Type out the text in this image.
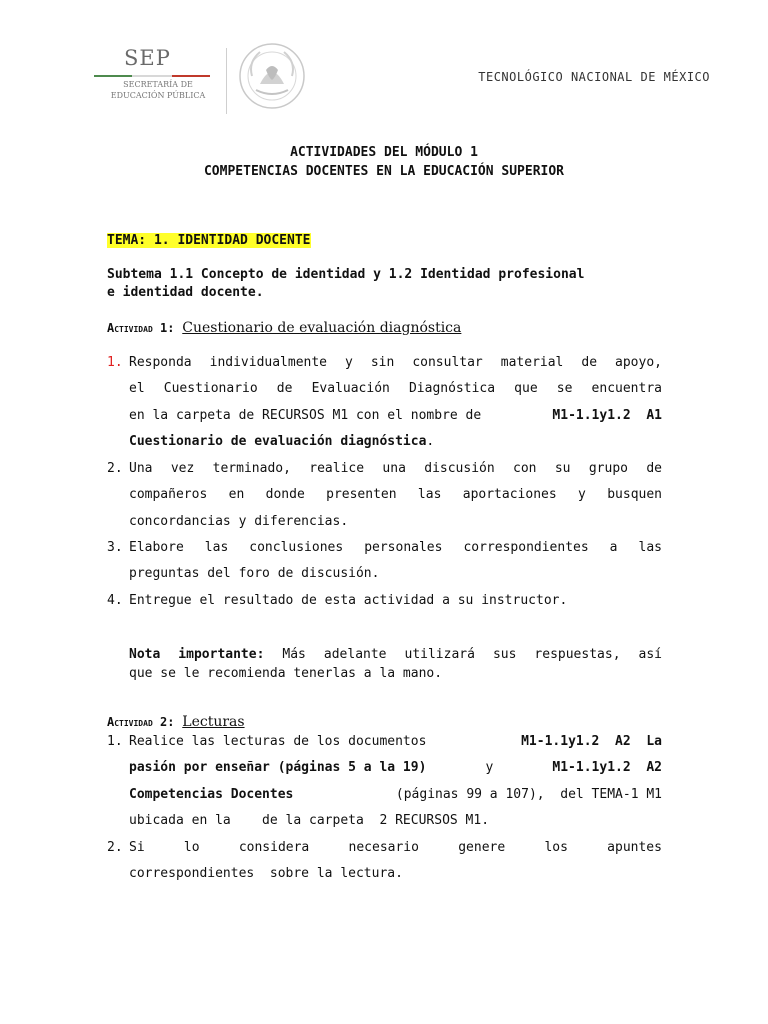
SEP
SECRETARÍA DE
EDUCACIÓN PÚBLICA
TECNOLÓGICO NACIONAL DE MÉXICO
ACTIVIDADES DEL MÓDULO 1
COMPETENCIAS DOCENTES EN LA EDUCACIÓN SUPERIOR
TEMA: 1. IDENTIDAD DOCENTE
Subtema 1.1 Concepto de identidad y 1.2 Identidad profesional
e identidad docente.
Actividad 1: Cuestionario de evaluación diagnóstica
1. Responda individualmente y sin consultar material de apoyo,
el Cuestionario de Evaluación Diagnóstica que se encuentra
en la carpeta de RECURSOS M1 con el nombre de	M1-1.1y1.2  A1
Cuestionario de evaluación diagnóstica.
2. Una vez terminado, realice una discusión con su grupo de
compañeros en donde presenten las aportaciones y busquen
concordancias y diferencias.
3. Elabore las conclusiones personales correspondientes a las
preguntas del foro de discusión.
4. Entregue el resultado de esta actividad a su instructor.
Nota importante: Más adelante utilizará sus respuestas, así
que se le recomienda tenerlas a la mano.
Actividad 2: Lecturas
1. Realice las lecturas de los documentos	M1-1.1y1.2  A2  La
pasión por enseñar (páginas 5 a la 19)	y	M1-1.1y1.2  A2
Competencias Docentes	(páginas 99 a 107),  del TEMA-1 M1
ubicada en la    de la carpeta  2 RECURSOS M1.
2. Si	lo	considera	necesario	genere	los	apuntes
correspondientes  sobre la lectura.
